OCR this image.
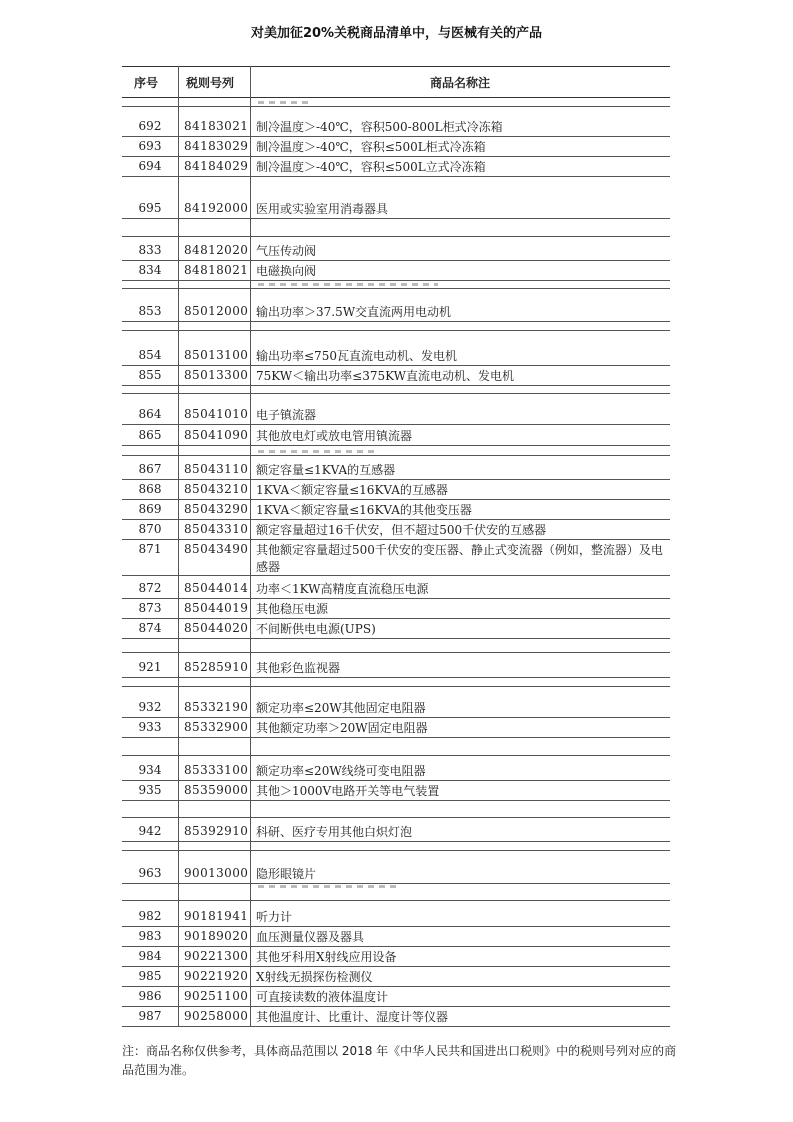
对美加征20%关税商品清单中，与医械有关的产品
序号 税则号列	商品名称注
692	84183021 制冷温度＞-40℃，容积500-800L柜式冷冻箱
693	84183029 制冷温度＞-40℃，容积≤500L柜式冷冻箱
694	84184029 制冷温度＞-40℃，容积≤500L立式冷冻箱
695	84192000 医用或实验室用消毒器具
833	84812020 气压传动阀
834	84818021 电磁换向阀
853	85012000 输出功率＞37.5W交直流两用电动机
854	85013100 输出功率≤750瓦直流电动机、发电机
855	85013300 75KW＜输出功率≤375KW直流电动机、发电机
864	85041010 电子镇流器
865	85041090 其他放电灯或放电管用镇流器
867	85043110 额定容量≤1KVA的互感器
868	85043210 1KVA＜额定容量≤16KVA的互感器
869	85043290 1KVA＜额定容量≤16KVA的其他变压器
870	85043310 额定容量超过16千伏安，但不超过500千伏安的互感器
871	85043490 其他额定容量超过500千伏安的变压器、静止式变流器（例如，整流器）及电感器
872	85044014 功率＜1KW高精度直流稳压电源
873	85044019 其他稳压电源
874	85044020 不间断供电电源(UPS)
921	85285910 其他彩色监视器
932	85332190 额定功率≤20W其他固定电阻器
933	85332900 其他额定功率＞20W固定电阻器
934	85333100 额定功率≤20W线绕可变电阻器
935	85359000 其他＞1000V电路开关等电气装置
942	85392910 科研、医疗专用其他白炽灯泡
963	90013000 隐形眼镜片
982	90181941 听力计
983	90189020 血压测量仪器及器具
984	90221300 其他牙科用X射线应用设备
985	90221920 X射线无损探伤检测仪
986	90251100 可直接读数的液体温度计
987	90258000 其他温度计、比重计、湿度计等仪器
注：商品名称仅供参考，具体商品范围以 2018 年《中华人民共和国进出口税则》中的税则号列对应的商品范围为准。
